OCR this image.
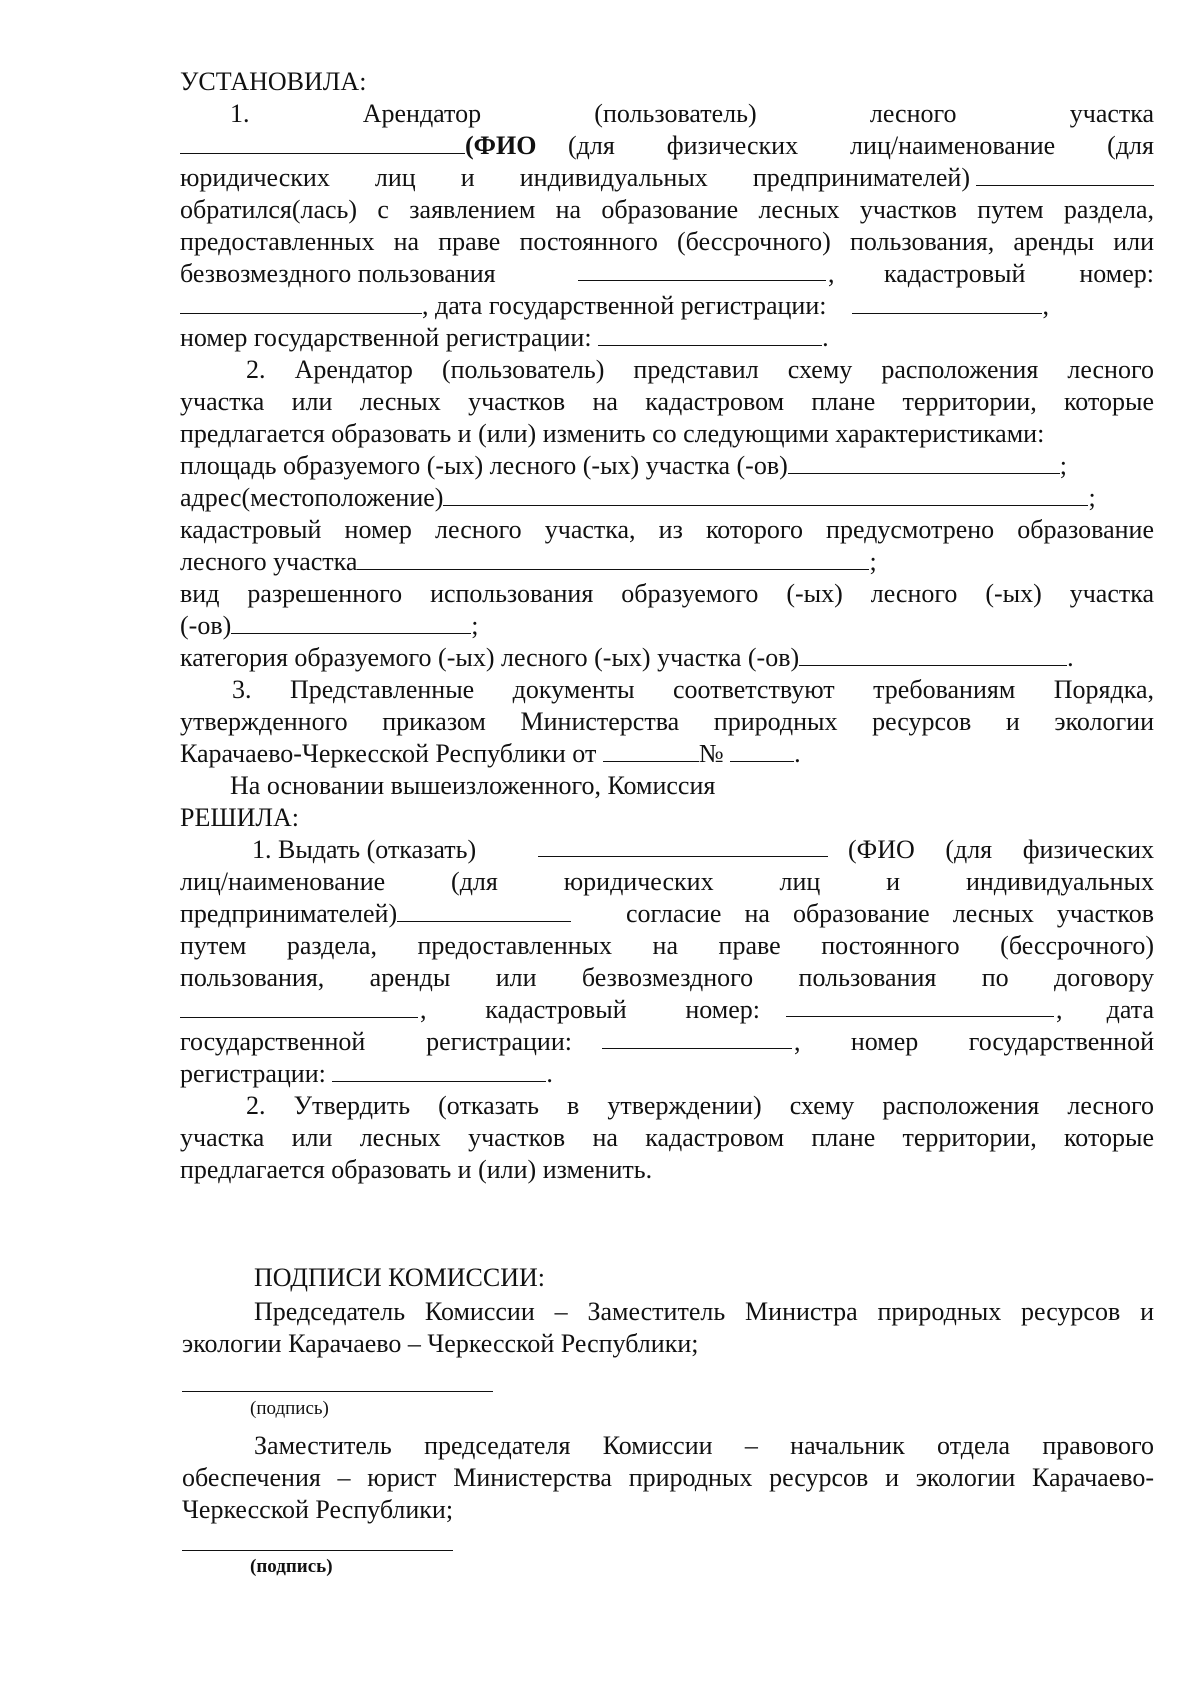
УСТАНОВИЛА:
1.	Арендатор	(пользователь)	лесного	участка
(ФИО (для физических лиц/наименование (для
юридических лиц и индивидуальных предпринимателей)
обратился(лась) с заявлением на образование лесных участков путем раздела,
предоставленных на праве постоянного (бессрочного) пользования, аренды или
безвозмездного пользования	, кадастровый номер:
, дата государственной регистрации:	,
номер государственной регистрации:	.
2. Арендатор (пользователь) представил схему расположения лесного
участка или лесных участков на кадастровом плане территории, которые
предлагается образовать и (или) изменить со следующими характеристиками:
площадь образуемого (-ых) лесного (-ых) участка (-ов)	;
адрес(местоположение)	;
кадастровый номер лесного участка, из которого предусмотрено образование
лесного участка	;
вид разрешенного использования образуемого (-ых) лесного (-ых) участка
(-ов)	;
категория образуемого (-ых) лесного (-ых) участка (-ов)	.
3. Представленные документы соответствуют требованиям Порядка,
утвержденного приказом Министерства природных ресурсов и экологии
Карачаево-Черкесской Республики от	№	.
На основании вышеизложенного, Комиссия
РЕШИЛА:
1. Выдать (отказать)	(ФИО (для физических
лиц/наименование (для юридических лиц и индивидуальных
предпринимателей)	согласие на образование лесных участков
путем раздела, предоставленных на праве постоянного (бессрочного)
пользования, аренды или безвозмездного пользования по договору
, кадастровый номер:	, дата
государственной регистрации:	, номер государственной
регистрации:	.
2. Утвердить (отказать в утверждении) схему расположения лесного
участка или лесных участков на кадастровом плане территории, которые
предлагается образовать и (или) изменить.
ПОДПИСИ КОМИССИИ:
Председатель Комиссии – Заместитель Министра природных ресурсов и
экологии Карачаево – Черкесской Республики;
(подпись)
Заместитель председателя Комиссии – начальник отдела правового
обеспечения – юрист Министерства природных ресурсов и экологии Карачаево-
Черкесской Республики;
(подпись)
